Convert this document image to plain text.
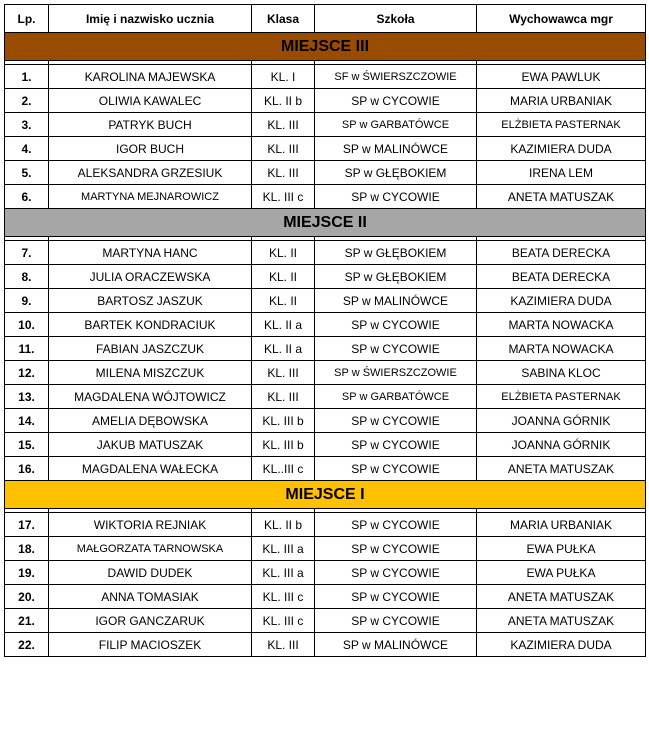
Lp.	Imię i nazwisko ucznia	Klasa	Szkoła	Wychowawca mgr
MIEJSCE III				

1.	KAROLINA MAJEWSKA	KL. I	SF w ŚWIERSZCZOWIE	EWA PAWLUK
2.	OLIWIA KAWALEC	KL. II b	SP w CYCOWIE	MARIA URBANIAK
3.	PATRYK BUCH	KL. III	SP w GARBATÓWCE	ELŻBIETA PASTERNAK
4.	IGOR BUCH	KL. III	SP w MALINÓWCE	KAZIMIERA DUDA
5.	ALEKSANDRA GRZESIUK	KL. III	SP w GŁĘBOKIEM	IRENA LEM
6.	MARTYNA MEJNAROWICZ	KL. III c	SP w CYCOWIE	ANETA MATUSZAK
MIEJSCE II				

7.	MARTYNA HANC	KL. II	SP w GŁĘBOKIEM	BEATA DERECKA
8.	JULIA ORACZEWSKA	KL. II	SP w GŁĘBOKIEM	BEATA DERECKA
9.	BARTOSZ JASZUK	KL. II	SP w MALINÓWCE	KAZIMIERA DUDA
10.	BARTEK KONDRACIUK	KL. II a	SP w CYCOWIE	MARTA NOWACKA
11.	FABIAN JASZCZUK	KL. II a	SP w CYCOWIE	MARTA NOWACKA
12.	MILENA MISZCZUK	KL. III	SP w ŚWIERSZCZOWIE	SABINA KLOC
13.	MAGDALENA WÓJTOWICZ	KL. III	SP w GARBATÓWCE	ELŻBIETA PASTERNAK
14.	AMELIA DĘBOWSKA	KL. III b	SP w CYCOWIE	JOANNA GÓRNIK
15.	JAKUB MATUSZAK	KL. III b	SP w CYCOWIE	JOANNA GÓRNIK
16.	MAGDALENA WAŁECKA	KL..III c	SP w CYCOWIE	ANETA MATUSZAK
MIEJSCE I				

17.	WIKTORIA REJNIAK	KL. II b	SP w CYCOWIE	MARIA URBANIAK
18.	MAŁGORZATA TARNOWSKA	KL. III a	SP w CYCOWIE	EWA PUŁKA
19.	DAWID DUDEK	KL. III a	SP w CYCOWIE	EWA PUŁKA
20.	ANNA TOMASIAK	KL. III c	SP w CYCOWIE	ANETA MATUSZAK
21.	IGOR GANCZARUK	KL. III c	SP w CYCOWIE	ANETA MATUSZAK
22.	FILIP MACIOSZEK	KL. III	SP w MALINÓWCE	KAZIMIERA DUDA
